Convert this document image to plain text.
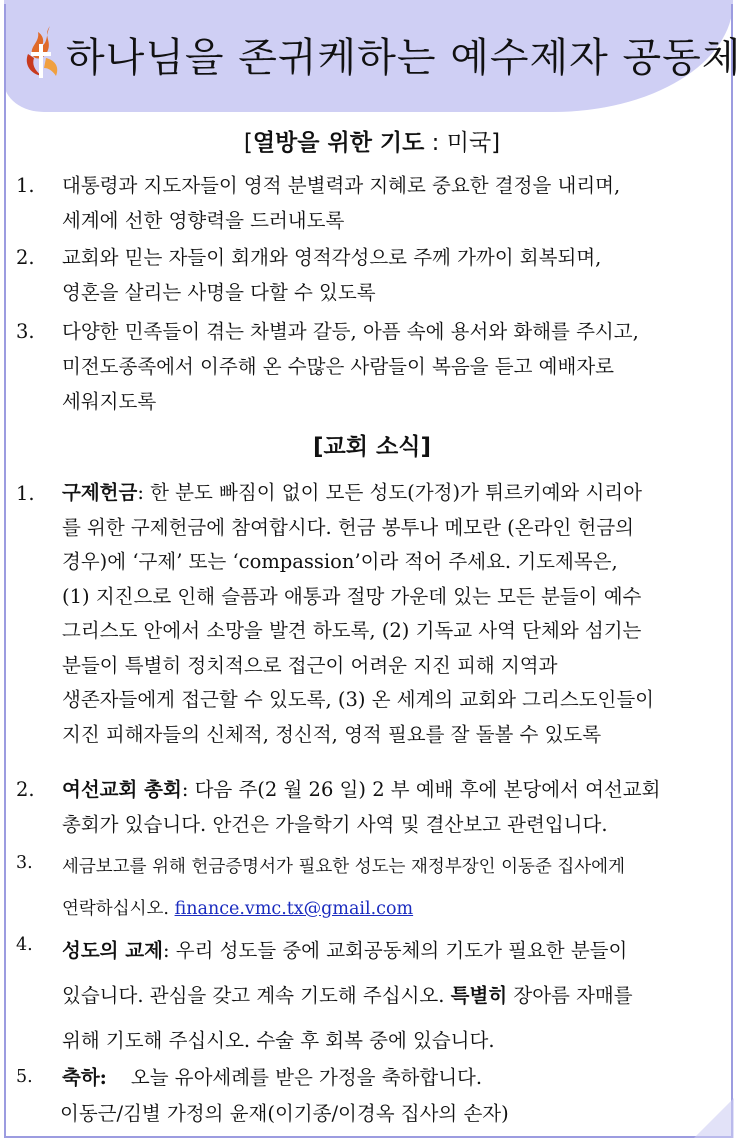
하나님을 존귀케하는 예수제자 공동체
[열방을 위한 기도 : 미국]
1.	대통령과 지도자들이 영적 분별력과 지혜로 중요한 결정을 내리며,
세계에 선한 영향력을 드러내도록
2.	교회와 믿는 자들이 회개와 영적각성으로 주께 가까이 회복되며,
영혼을 살리는 사명을 다할 수 있도록
3.	다양한 민족들이 겪는 차별과 갈등, 아픔 속에 용서와 화해를 주시고,
미전도종족에서 이주해 온 수많은 사람들이 복음을 듣고 예배자로
세워지도록
[교회 소식]
1.	구제헌금: 한 분도 빠짐이 없이 모든 성도(가정)가 튀르키예와 시리아
를 위한 구제헌금에 참여합시다. 헌금 봉투나 메모란 (온라인 헌금의
경우)에 ‘구제’ 또는 ‘compassion’이라 적어 주세요. 기도제목은,
(1) 지진으로 인해 슬픔과 애통과 절망 가운데 있는 모든 분들이 예수
그리스도 안에서 소망을 발견 하도록, (2) 기독교 사역 단체와 섬기는
분들이 특별히 정치적으로 접근이 어려운 지진 피해 지역과
생존자들에게 접근할 수 있도록, (3) 온 세계의 교회와 그리스도인들이
지진 피해자들의 신체적, 정신적, 영적 필요를 잘 돌볼 수 있도록
2.	여선교회 총회: 다음 주(2 월 26 일) 2 부 예배 후에 본당에서 여선교회
총회가 있습니다. 안건은 가을학기 사역 및 결산보고 관련입니다.
3.	세금보고를 위해 헌금증명서가 필요한 성도는 재정부장인 이동준 집사에게
연락하십시오. finance.vmc.tx@gmail.com
4.	성도의 교제: 우리 성도들 중에 교회공동체의 기도가 필요한 분들이
있습니다. 관심을 갖고 계속 기도해 주십시오. 특별히 장아름 자매를
위해 기도해 주십시오. 수술 후 회복 중에 있습니다.
5.	축하: 오늘 유아세례를 받은 가정을 축하합니다.
이동근/김별 가정의 윤재(이기종/이경옥 집사의 손자)
